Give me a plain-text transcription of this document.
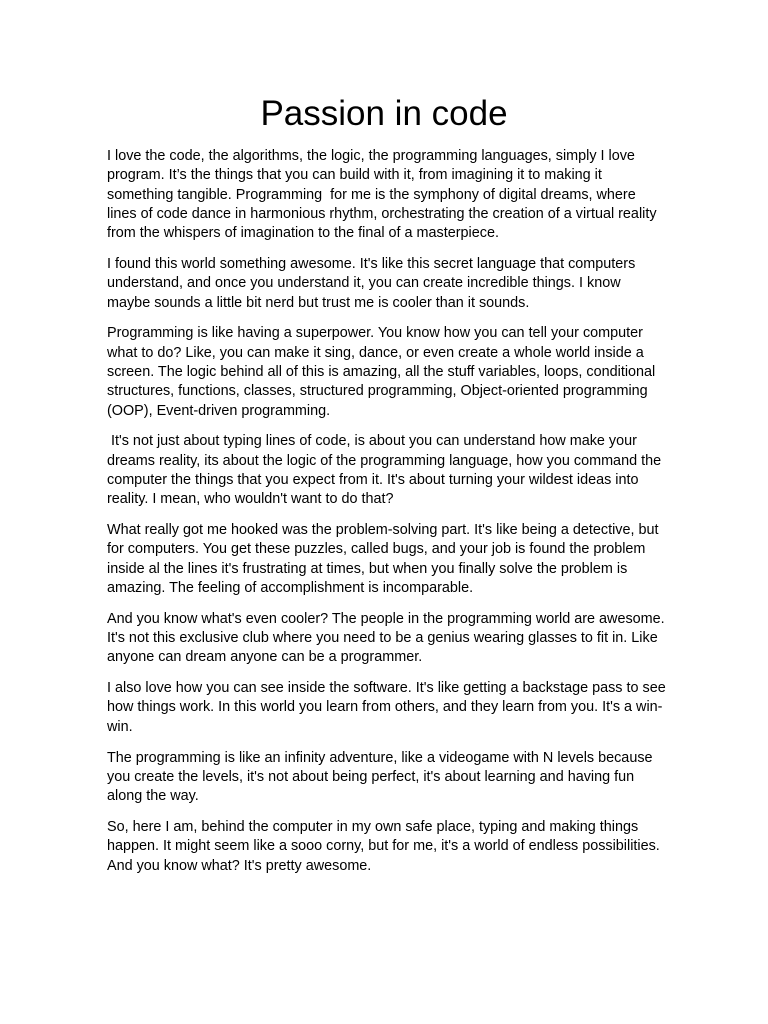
Passion in code

I love the code, the algorithms, the logic, the programming languages, simply I love program. It’s the things that you can build with it, from imagining it to making it something tangible. Programming  for me is the symphony of digital dreams, where lines of code dance in harmonious rhythm, orchestrating the creation of a virtual reality from the whispers of imagination to the final of a masterpiece.

I found this world something awesome. It's like this secret language that computers understand, and once you understand it, you can create incredible things. I know maybe sounds a little bit nerd but trust me is cooler than it sounds.

Programming is like having a superpower. You know how you can tell your computer what to do? Like, you can make it sing, dance, or even create a whole world inside a screen. The logic behind all of this is amazing, all the stuff variables, loops, conditional structures, functions, classes, structured programming, Object-oriented programming (OOP), Event-driven programming.

It's not just about typing lines of code, is about you can understand how make your dreams reality, its about the logic of the programming language, how you command the computer the things that you expect from it. It's about turning your wildest ideas into reality. I mean, who wouldn't want to do that?

What really got me hooked was the problem-solving part. It's like being a detective, but for computers. You get these puzzles, called bugs, and your job is found the problem inside al the lines it's frustrating at times, but when you finally solve the problem is amazing. The feeling of accomplishment is incomparable.

And you know what's even cooler? The people in the programming world are awesome. It's not this exclusive club where you need to be a genius wearing glasses to fit in. Like anyone can dream anyone can be a programmer.

I also love how you can see inside the software. It's like getting a backstage pass to see how things work. In this world you learn from others, and they learn from you. It's a win-win.

The programming is like an infinity adventure, like a videogame with N levels because you create the levels, it's not about being perfect, it's about learning and having fun along the way.

So, here I am, behind the computer in my own safe place, typing and making things happen. It might seem like a sooo corny, but for me, it's a world of endless possibilities. And you know what? It's pretty awesome.
